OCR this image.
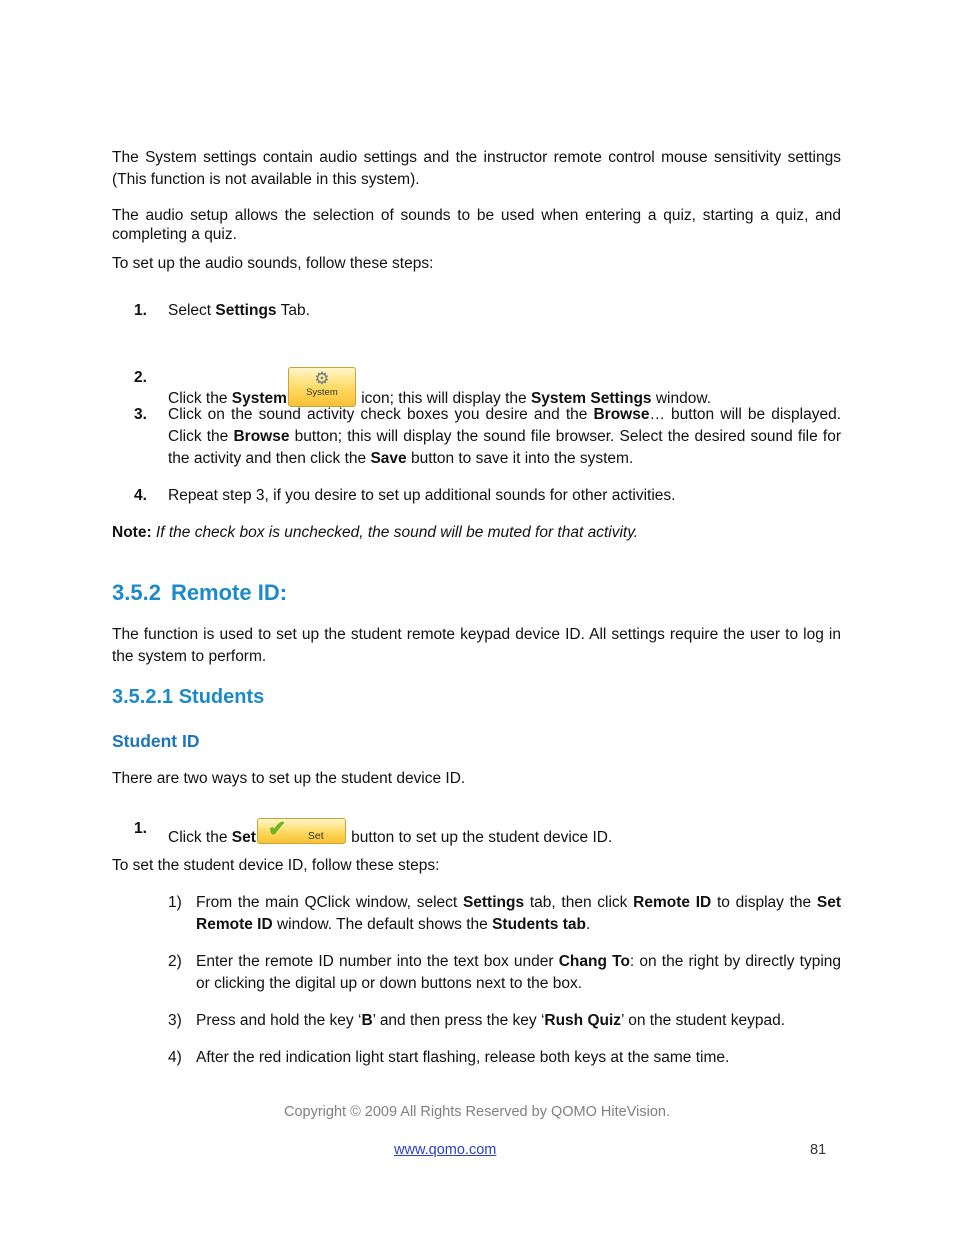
The System settings contain audio settings and the instructor remote control mouse sensitivity settings (This function is not available in this system).

The audio setup allows the selection of sounds to be used when entering a quiz, starting a quiz, and completing a quiz.

To set up the audio sounds, follow these steps:

1. Select Settings Tab.
2.
Click the System
⚙
System	icon; this will display the System Settings window.
3. Click on the sound activity check boxes you desire and the Browse… button will be displayed. Click the Browse button; this will display the sound file browser. Select the desired sound file for the activity and then click the Save button to save it into the system.
4. Repeat step 3, if you desire to set up additional sounds for other activities.

Note: If the check box is unchecked, the sound will be muted for that activity.

3.5.2 Remote ID:

The function is used to set up the student remote keypad device ID. All settings require the user to log in the system to perform.

3.5.2.1 Students
Student ID

There are two ways to set up the student device ID.

1.
Click the Set ✔ Set button to set up the student device ID.

To set the student device ID, follow these steps:

1) From the main QClick window, select Settings tab, then click Remote ID to display the Set Remote ID window. The default shows the Students tab.
2) Enter the remote ID number into the text box under Chang To: on the right by directly typing or clicking the digital up or down buttons next to the box.
3) Press and hold the key ‘B’ and then press the key ‘Rush Quiz’ on the student keypad.
4) After the red indication light start flashing, release both keys at the same time.
Copyright © 2009 All Rights Reserved by QOMO HiteVision.
www.qomo.com	81
